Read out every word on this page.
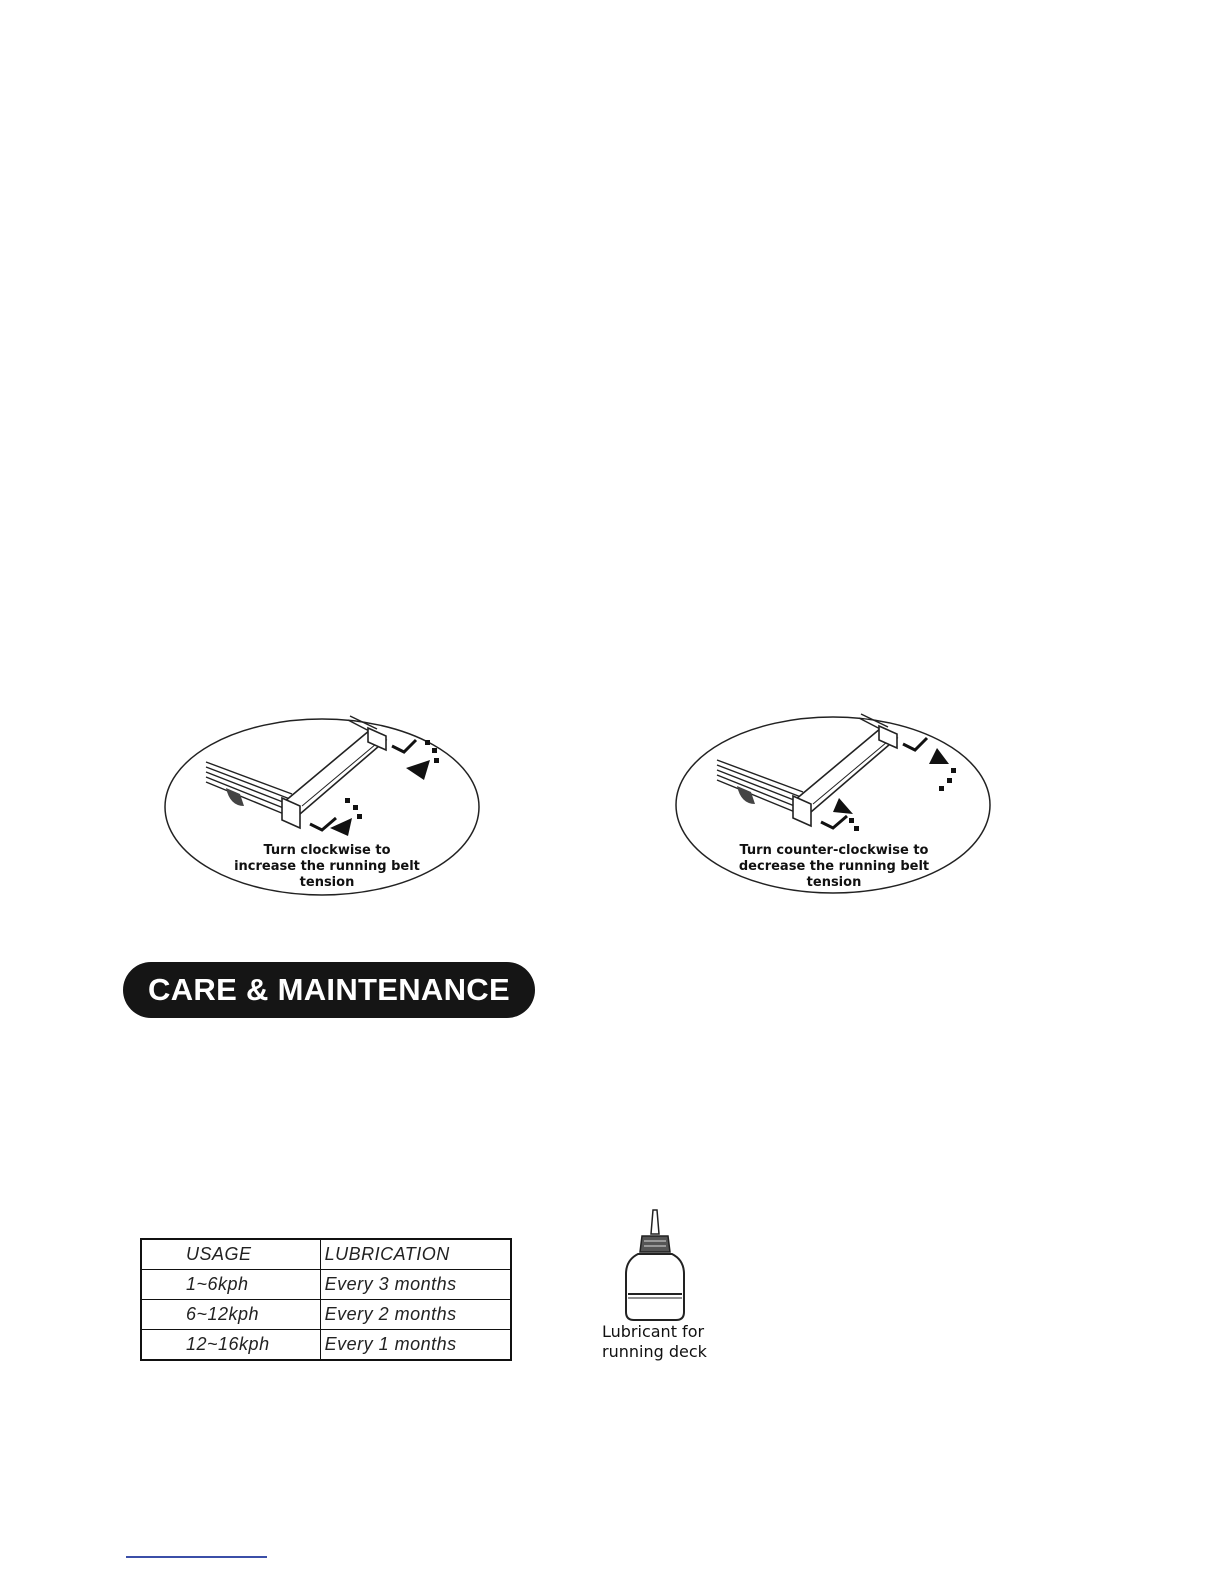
Turn clockwise to
increase the running belt
tension
Turn counter-clockwise to
decrease the running belt
tension
CARE & MAINTENANCE
USAGE	LUBRICATION
1~6kph	Every 3 months
6~12kph	Every 2 months
12~16kph	Every 1 months
Lubricant for
running deck
